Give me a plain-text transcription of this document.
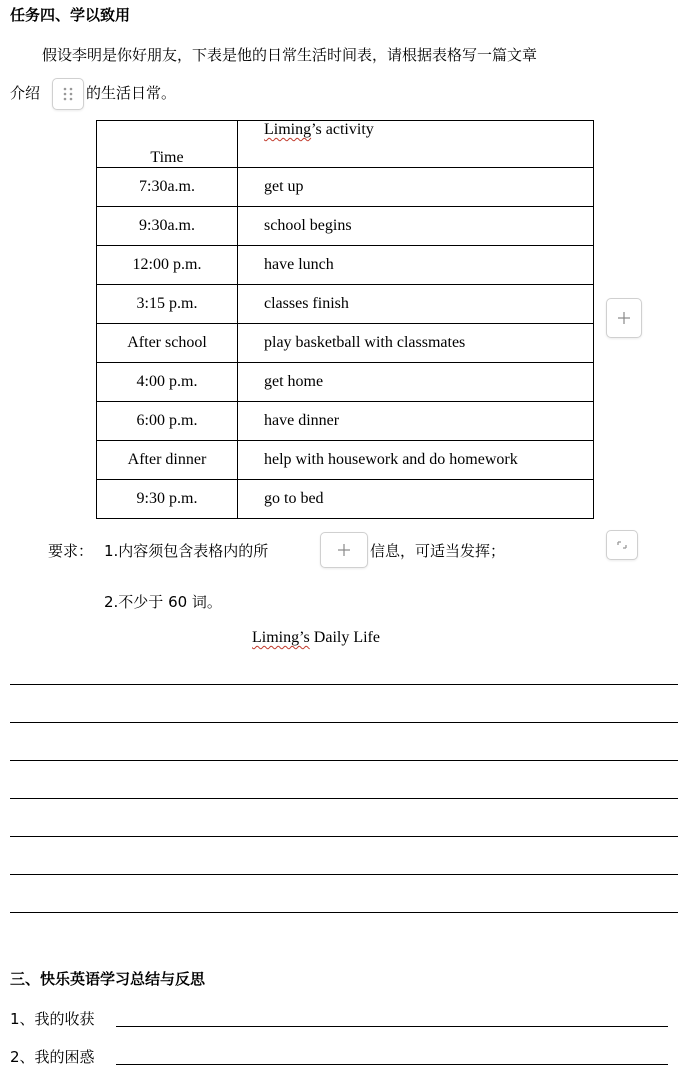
任务四、学以致用
假设李明是你好朋友，下表是他的日常生活时间表，请根据表格写一篇文章
介绍	的生活日常。
Time	Liming’s activity
7:30a.m.	get up
9:30a.m.	school begins
12:00 p.m.	have lunch
3:15 p.m.	classes finish
After school	play basketball with classmates
4:00 p.m.	get home
6:00 p.m.	have dinner
After dinner	help with housework and do homework
9:30 p.m.	go to bed
要求： 1.内容须包含表格内的所	信息，可适当发挥；
2.不少于 60 词。
Liming’s Daily Life
三、快乐英语学习总结与反思
1、我的收获
2、我的困惑
